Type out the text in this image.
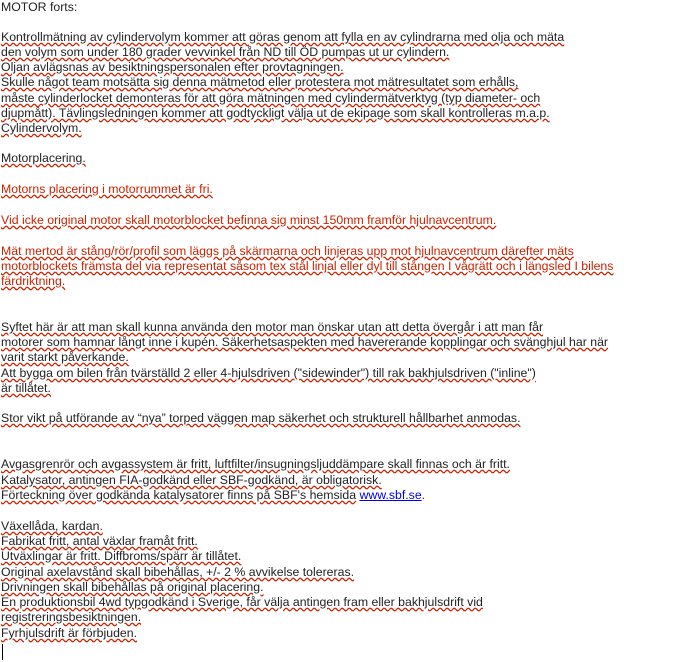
MOTOR forts:
Kontrollmätning av cylindervolym kommer att göras genom att fylla en av cylindrarna med olja och mäta
den volym som under 180 grader vevvinkel från ND till ÖD pumpas ut ur cylindern.
Oljan avlägsnas av besiktningspersonalen efter provtagningen.
Skulle något team motsätta sig denna mätmetod eller protestera mot mätresultatet som erhålls,
måste cylinderlocket demonteras för att göra mätningen med cylindermätverktyg (typ diameter- och
djupmått). Tävlingsledningen kommer att godtyckligt välja ut de ekipage som skall kontrolleras m.a.p.
Cylindervolym.
Motorplacering.
Motorns placering i motorrummet är fri.
Vid icke original motor skall motorblocket befinna sig minst 150mm framför hjulnavcentrum.
Mät mertod är stång/rör/profil som läggs på skärmarna och linjeras upp mot hjulnavcentrum därefter mäts
motorblockets främsta del via representat såsom tex stål linjal eller dyl till stången I vågrätt och i längsled I bilens
färdriktning.
Syftet här är att man skall kunna använda den motor man önskar utan att detta övergår i att man får
motorer som hamnar långt inne i kupén. Säkerhetsaspekten med havererande kopplingar och svänghjul har när
varit starkt påverkande.
Att bygga om bilen från tvärställd 2 eller 4-hjulsdriven ("sidewinder") till rak bakhjulsdriven ("inline")
är tillåtet.
Stor vikt på utförande av “nya” torped väggen map säkerhet och strukturell hållbarhet anmodas.
Avgasgrenrör och avgassystem är fritt, luftfilter/insugningsljuddämpare skall finnas och är fritt.
Katalysator, antingen FIA-godkänd eller SBF-godkänd, är obligatorisk.
Förteckning över godkända katalysatorer finns på SBF's hemsida www.sbf.se.
Växellåda, kardan.
Fabrikat fritt, antal växlar framåt fritt.
Utväxlingar är fritt. Diffbroms/spärr är tillåtet.
Original axelavstånd skall bibehållas, +/- 2 % avvikelse tolereras.
Drivningen skall bibehållas på original placering.
En produktionsbil 4wd typgodkänd i Sverige, får välja antingen fram eller bakhjulsdrift vid
registreringsbesiktningen.
Fyrhjulsdrift är förbjuden.
